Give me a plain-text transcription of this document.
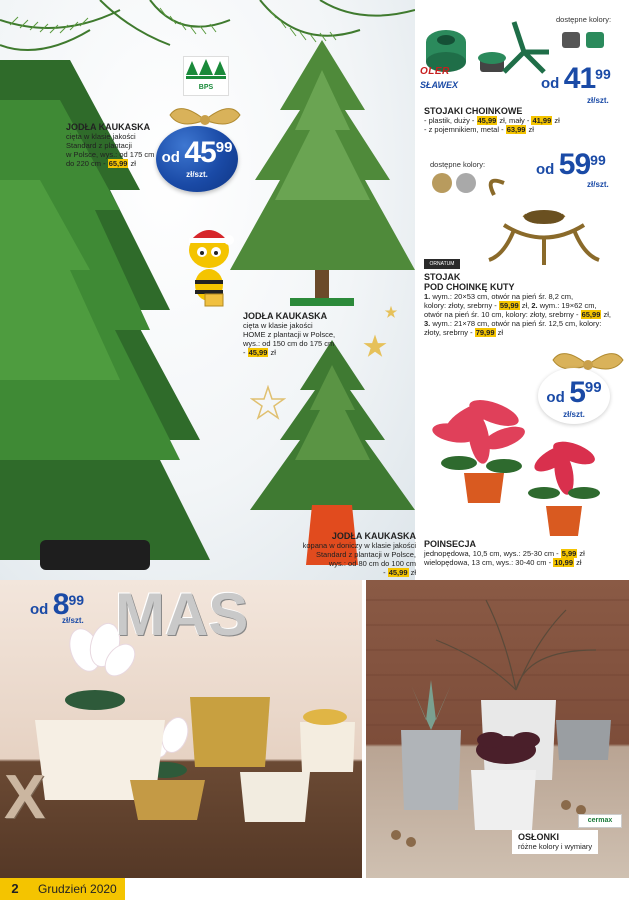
BPS
JODŁA KAUKASKA
cięta w klasie jakości
Standard z plantacji
w Polsce, wys.: od 175 cm
do 220 cm - 65,99 zł	od 4599
zł/szt.
JODŁA KAUKASKA
cięta w klasie jakości
HOME z plantacji w Polsce,
wys.: od 150 cm do 175 cm
- 45,99 zł
JODŁA KAUKASKA
kopana w doniczy w klasie jakości
Standard z plantacji w Polsce,
wys.: od 80 cm do 100 cm
- 45,99 zł
dostępne kolory:
OLER
SŁAWEX	od 4199
zł/szt.
STOJAKI CHOINKOWE
- plastik, duży - 45,99 zł, mały - 41,99 zł
- z pojemnikiem, metal - 63,99 zł
dostępne kolory:	od 5999
zł/szt.
ORNATUM
STOJAK
POD CHOINKĘ KUTY
1. wym.: 20×53 cm, otwór na pień śr. 8,2 cm,
kolory: złoty, srebrny - 59,99 zł, 2. wym.: 19×62 cm,
otwór na pień śr. 10 cm, kolory: złoty, srebrny - 65,99 zł,
3. wym.: 21×78 cm, otwór na pień śr. 12,5 cm, kolory:
złoty, srebrny - 79,99 zł
od 599
zł/szt.
POINSECJA
jednopędowa, 10,5 cm, wys.: 25-30 cm - 5,99 zł
wielopędowa, 13 cm, wys.: 30-40 cm - 10,99 zł
od 899
zł/szt. MAS
X	cermax
OSŁONKI
różne kolory i wymiary
2	Grudzień 2020
